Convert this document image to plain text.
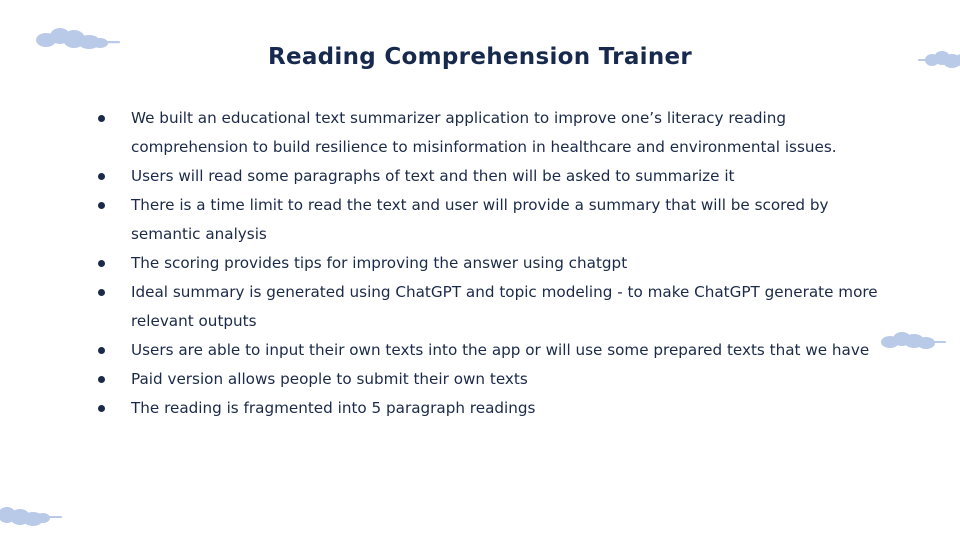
Reading Comprehension Trainer
We built an educational text summarizer application to improve one’s literacy reading comprehension to build resilience to misinformation in healthcare and environmental issues.
Users will read some paragraphs of text and then will be asked to summarize it
There is a time limit to read the text and user will provide a summary that will be scored by semantic analysis
The scoring provides tips for improving the answer using chatgpt
Ideal summary is generated using ChatGPT and topic modeling - to make ChatGPT generate more relevant outputs
Users are able to input their own texts into the app or will use some prepared texts that we have
Paid version allows people to submit their own texts
The reading is fragmented into 5 paragraph readings
